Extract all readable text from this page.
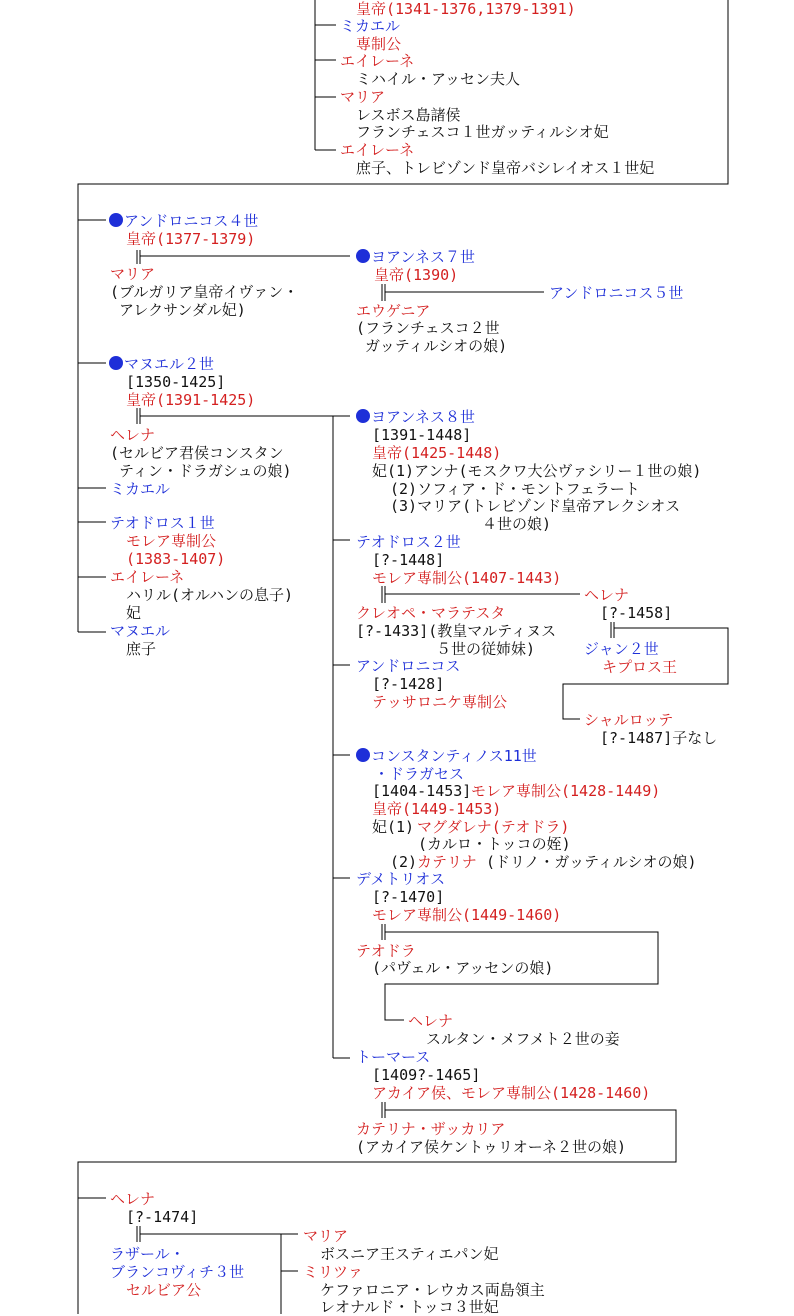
皇帝(1341-1376,1379-1391)
ミカエル
専制公
エイレーネ
ミハイル・アッセン夫人
マリア
レスボス島諸侯
フランチェスコ１世ガッティルシオ妃
エイレーネ
庶子、トレビゾンド皇帝バシレイオス１世妃
アンドロニコス４世
皇帝(1377-1379)
マリア
(ブルガリア皇帝イヴァン・
アレクサンダル妃)
ヨアンネス７世
皇帝(1390)
エウゲニア
(フランチェスコ２世
ガッティルシオの娘)
アンドロニコス５世
マヌエル２世
[1350-1425]
皇帝(1391-1425)
ヘレナ
(セルビア君侯コンスタン
ティン・ドラガシュの娘)
ミカエル
テオドロス１世
モレア専制公
(1383-1407)
エイレーネ
ハリル(オルハンの息子)
妃
マヌエル
庶子
ヨアンネス８世
[1391-1448]
皇帝(1425-1448)
妃(1)アンナ(モスクワ大公ヴァシリー１世の娘)
(2)ソフィア・ド・モントフェラート
(3)マリア(トレビゾンド皇帝アレクシオス
４世の娘)
テオドロス２世
[?-1448]
モレア専制公(1407-1443)
クレオペ・マラテスタ
[?-1433](教皇マルティヌス
５世の従姉妹)
ヘレナ
[?-1458]
ジャン２世
キプロス王
シャルロッテ
[?-1487]子なし
アンドロニコス
[?-1428]
テッサロニケ専制公
コンスタンティノス11世
・ドラガセス
[1404-1453] モレア専制公(1428-1449)
皇帝(1449-1453)
妃(1) マグダレナ(テオドラ)
(カルロ・トッコの姪)
(2) カテリナ (ドリノ・ガッティルシオの娘)
デメトリオス
[?-1470]
モレア専制公(1449-1460)
テオドラ
(パヴェル・アッセンの娘)
ヘレナ
スルタン・メフメト２世の妾
トーマース
[1409?-1465]
アカイア侯、モレア専制公(1428-1460)
カテリナ・ザッカリア
(アカイア侯ケントゥリオーネ２世の娘)
ヘレナ
[?-1474]
ラザール・
ブランコヴィチ３世
セルビア公
マリア
ボスニア王スティエパン妃
ミリツァ
ケファロニア・レウカス両島領主
レオナルド・トッコ３世妃
